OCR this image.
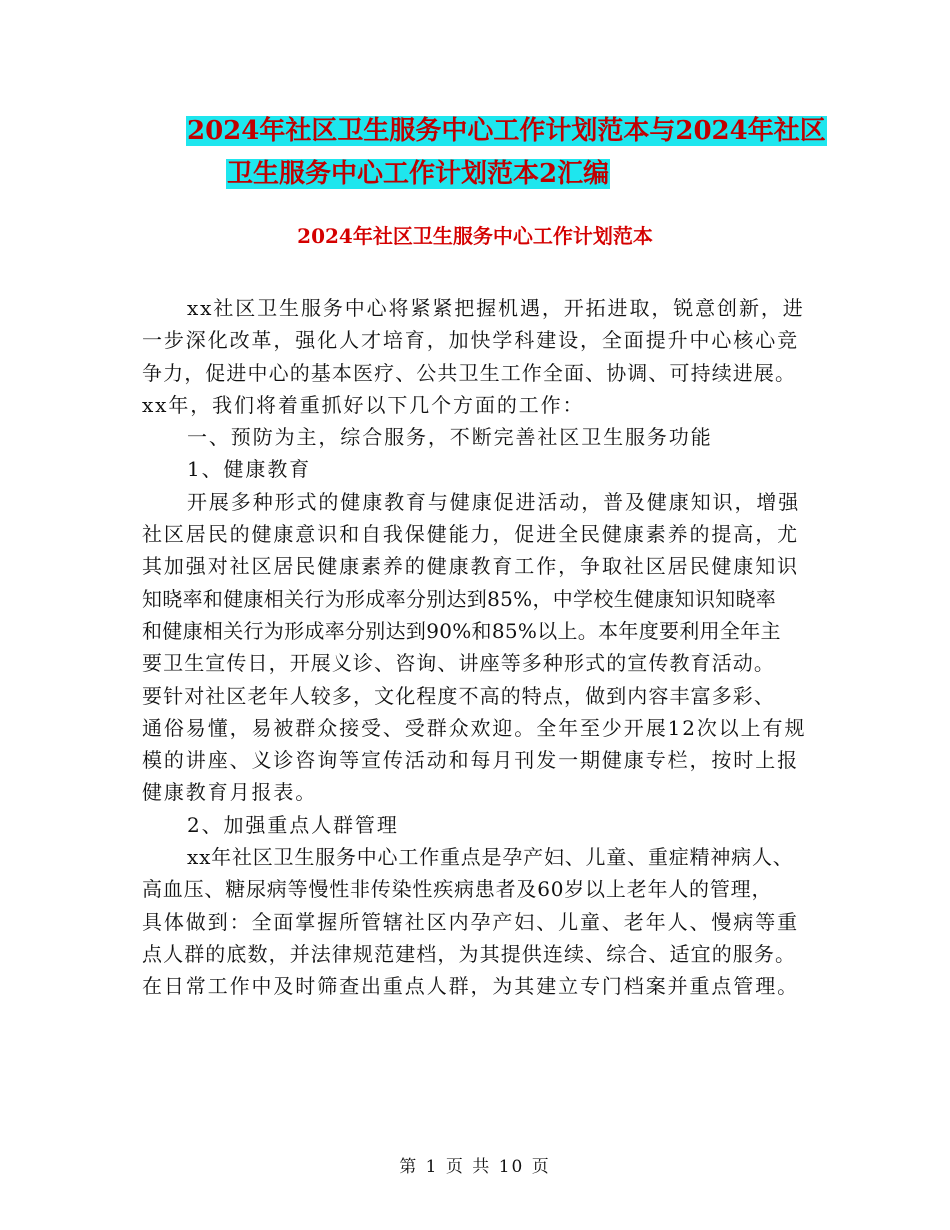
2024年社区卫生服务中心工作计划范本与2024年社区
卫生服务中心工作计划范本2汇编
2024年社区卫生服务中心工作计划范本
xx社区卫生服务中心将紧紧把握机遇，开拓进取，锐意创新，进
一步深化改革，强化人才培育，加快学科建设，全面提升中心核心竞
争力，促进中心的基本医疗、公共卫生工作全面、协调、可持续进展。
xx年，我们将着重抓好以下几个方面的工作：
一、预防为主，综合服务，不断完善社区卫生服务功能
1、健康教育
开展多种形式的健康教育与健康促进活动，普及健康知识，增强
社区居民的健康意识和自我保健能力，促进全民健康素养的提高，尤
其加强对社区居民健康素养的健康教育工作，争取社区居民健康知识
知晓率和健康相关行为形成率分别达到85%，中学校生健康知识知晓率
和健康相关行为形成率分别达到90%和85%以上。本年度要利用全年主
要卫生宣传日，开展义诊、咨询、讲座等多种形式的宣传教育活动。
要针对社区老年人较多，文化程度不高的特点，做到内容丰富多彩、
通俗易懂，易被群众接受、受群众欢迎。全年至少开展12次以上有规
模的讲座、义诊咨询等宣传活动和每月刊发一期健康专栏，按时上报
健康教育月报表。
2、加强重点人群管理
xx年社区卫生服务中心工作重点是孕产妇、儿童、重症精神病人、
高血压、糖尿病等慢性非传染性疾病患者及60岁以上老年人的管理，
具体做到：全面掌握所管辖社区内孕产妇、儿童、老年人、慢病等重
点人群的底数，并法律规范建档，为其提供连续、综合、适宜的服务。
在日常工作中及时筛查出重点人群，为其建立专门档案并重点管理。
第 1 页 共 10 页
